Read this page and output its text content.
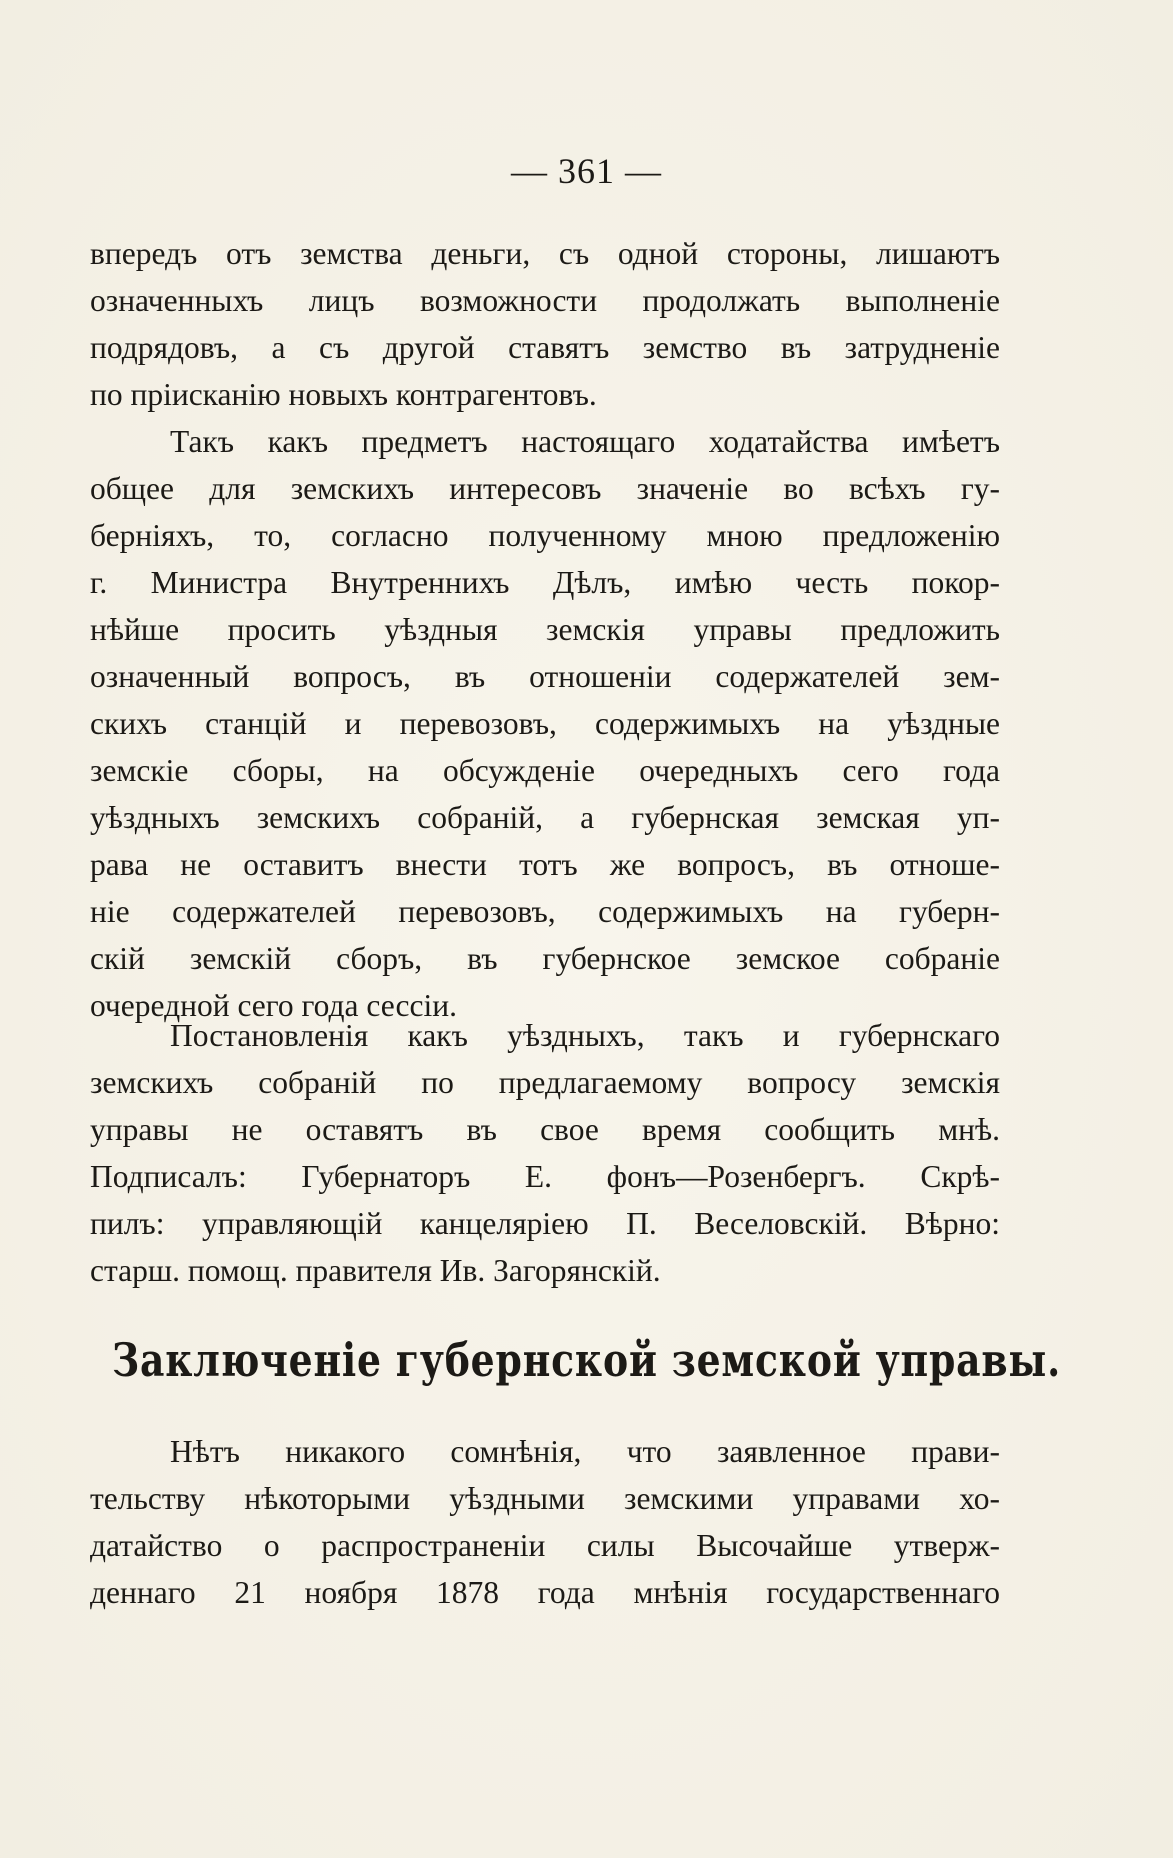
— 361 —
впередъ отъ земства деньги, съ одной стороны, лишаютъ
означенныхъ лицъ возможности продолжать выполненіе
подрядовъ, а съ другой ставятъ земство въ затрудненіе
по прiисканiю новыхъ контрагентовъ.
Такъ какъ предметъ настоящаго ходатайства имѣетъ
общее для земскихъ интересовъ значенiе во всѣхъ гу-
бернiяхъ, то, согласно полученному мною предложенiю
г. Министра Внутреннихъ Дѣлъ, имѣю честь покор-
нѣйше просить уѣздныя земскiя управы предложить
означенный вопросъ, въ отношенiи содержателей зем-
скихъ станцiй и перевозовъ, содержимыхъ на уѣздные
земскiе сборы, на обсужденiе очередныхъ сего года
уѣздныхъ земскихъ собранiй, а губернская земская уп-
рава не оставитъ внести тотъ же вопросъ, въ отноше-
нiе содержателей перевозовъ, содержимыхъ на губерн-
скiй земскiй сборъ, въ губернское земское собранiе
очередной сего года сессiи.
Постановленiя какъ уѣздныхъ, такъ и губернскаго
земскихъ собранiй по предлагаемому вопросу земскiя
управы не оставятъ въ свое время сообщить мнѣ.
Подписалъ: Губернаторъ Е. фонъ—Розенбергъ. Скрѣ-
пилъ: управляющiй канцелярiею П. Веселовскiй. Вѣрно:
старш. помощ. правителя Ив. Загорянскiй.
Заключенiе губернской земской управы.
Нѣтъ никакого сомнѣнiя, что заявленное прави-
тельству нѣкоторыми уѣздными земскими управами хо-
датайство о распространенiи силы Высочайше утверж-
деннаго 21 ноября 1878 года мнѣнiя государственнаго
